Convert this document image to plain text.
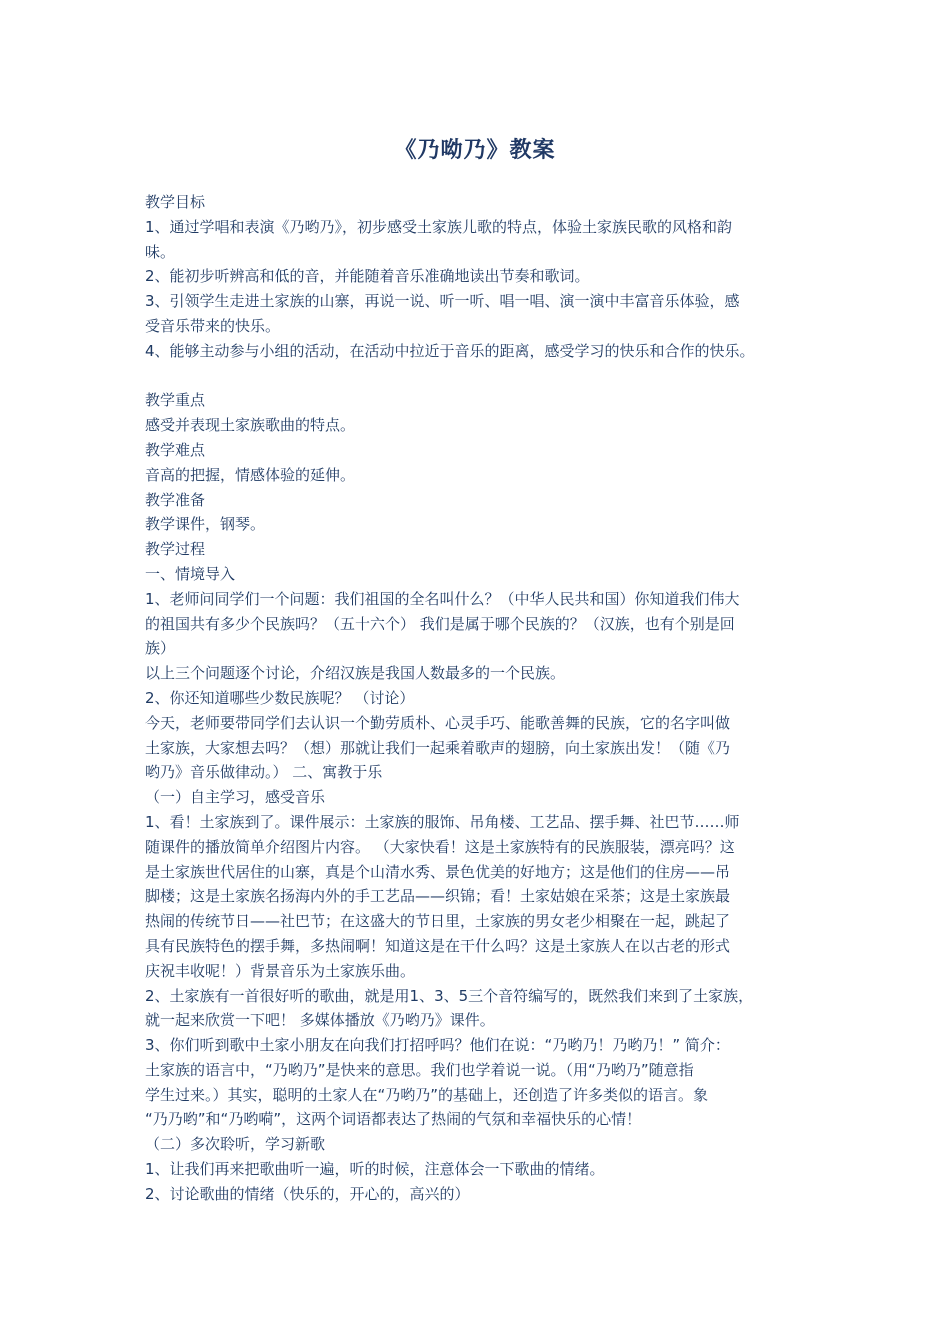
《乃呦乃》教案
教学目标
1、通过学唱和表演《乃哟乃》，初步感受土家族儿歌的特点，体验土家族民歌的风格和韵
味。
2、能初步听辨高和低的音，并能随着音乐准确地读出节奏和歌词。
3、引领学生走进土家族的山寨，再说一说、听一听、唱一唱、演一演中丰富音乐体验，感
受音乐带来的快乐。
4、能够主动参与小组的活动，在活动中拉近于音乐的距离，感受学习的快乐和合作的快乐。
教学重点
感受并表现土家族歌曲的特点。
教学难点
音高的把握，情感体验的延伸。
教学准备
教学课件，钢琴。
教学过程
一、情境导入
1、老师问同学们一个问题：我们祖国的全名叫什么？（中华人民共和国）你知道我们伟大
的祖国共有多少个民族吗？（五十六个） 我们是属于哪个民族的？（汉族，也有个别是回
族）
以上三个问题逐个讨论，介绍汉族是我国人数最多的一个民族。
2、你还知道哪些少数民族呢？ （讨论）
今天，老师要带同学们去认识一个勤劳质朴、心灵手巧、能歌善舞的民族，它的名字叫做
土家族，大家想去吗？（想）那就让我们一起乘着歌声的翅膀，向土家族出发！（随《乃
哟乃》音乐做律动。） 二、寓教于乐
（一）自主学习，感受音乐
1、看！土家族到了。课件展示：土家族的服饰、吊角楼、工艺品、摆手舞、社巴节……师
随课件的播放简单介绍图片内容。 （大家快看！这是土家族特有的民族服装，漂亮吗？这
是土家族世代居住的山寨，真是个山清水秀、景色优美的好地方；这是他们的住房——吊
脚楼；这是土家族名扬海内外的手工艺品——织锦；看！土家姑娘在采茶；这是土家族最
热闹的传统节日——社巴节；在这盛大的节日里，土家族的男女老少相聚在一起，跳起了
具有民族特色的摆手舞，多热闹啊！知道这是在干什么吗？这是土家族人在以古老的形式
庆祝丰收呢！）背景音乐为土家族乐曲。
2、土家族有一首很好听的歌曲，就是用1、3、5三个音符编写的，既然我们来到了土家族，
就一起来欣赏一下吧！ 多媒体播放《乃哟乃》课件。
3、你们听到歌中土家小朋友在向我们打招呼吗？他们在说：“乃哟乃！乃哟乃！” 简介：
土家族的语言中，“乃哟乃”是快来的意思。我们也学着说一说。（用“乃哟乃”随意指
学生过来。）其实，聪明的土家人在“乃哟乃”的基础上，还创造了许多类似的语言。象
“乃乃哟”和“乃哟嗬”，这两个词语都表达了热闹的气氛和幸福快乐的心情！
（二）多次聆听，学习新歌
1、让我们再来把歌曲听一遍，听的时候，注意体会一下歌曲的情绪。
2、讨论歌曲的情绪（快乐的，开心的，高兴的）
